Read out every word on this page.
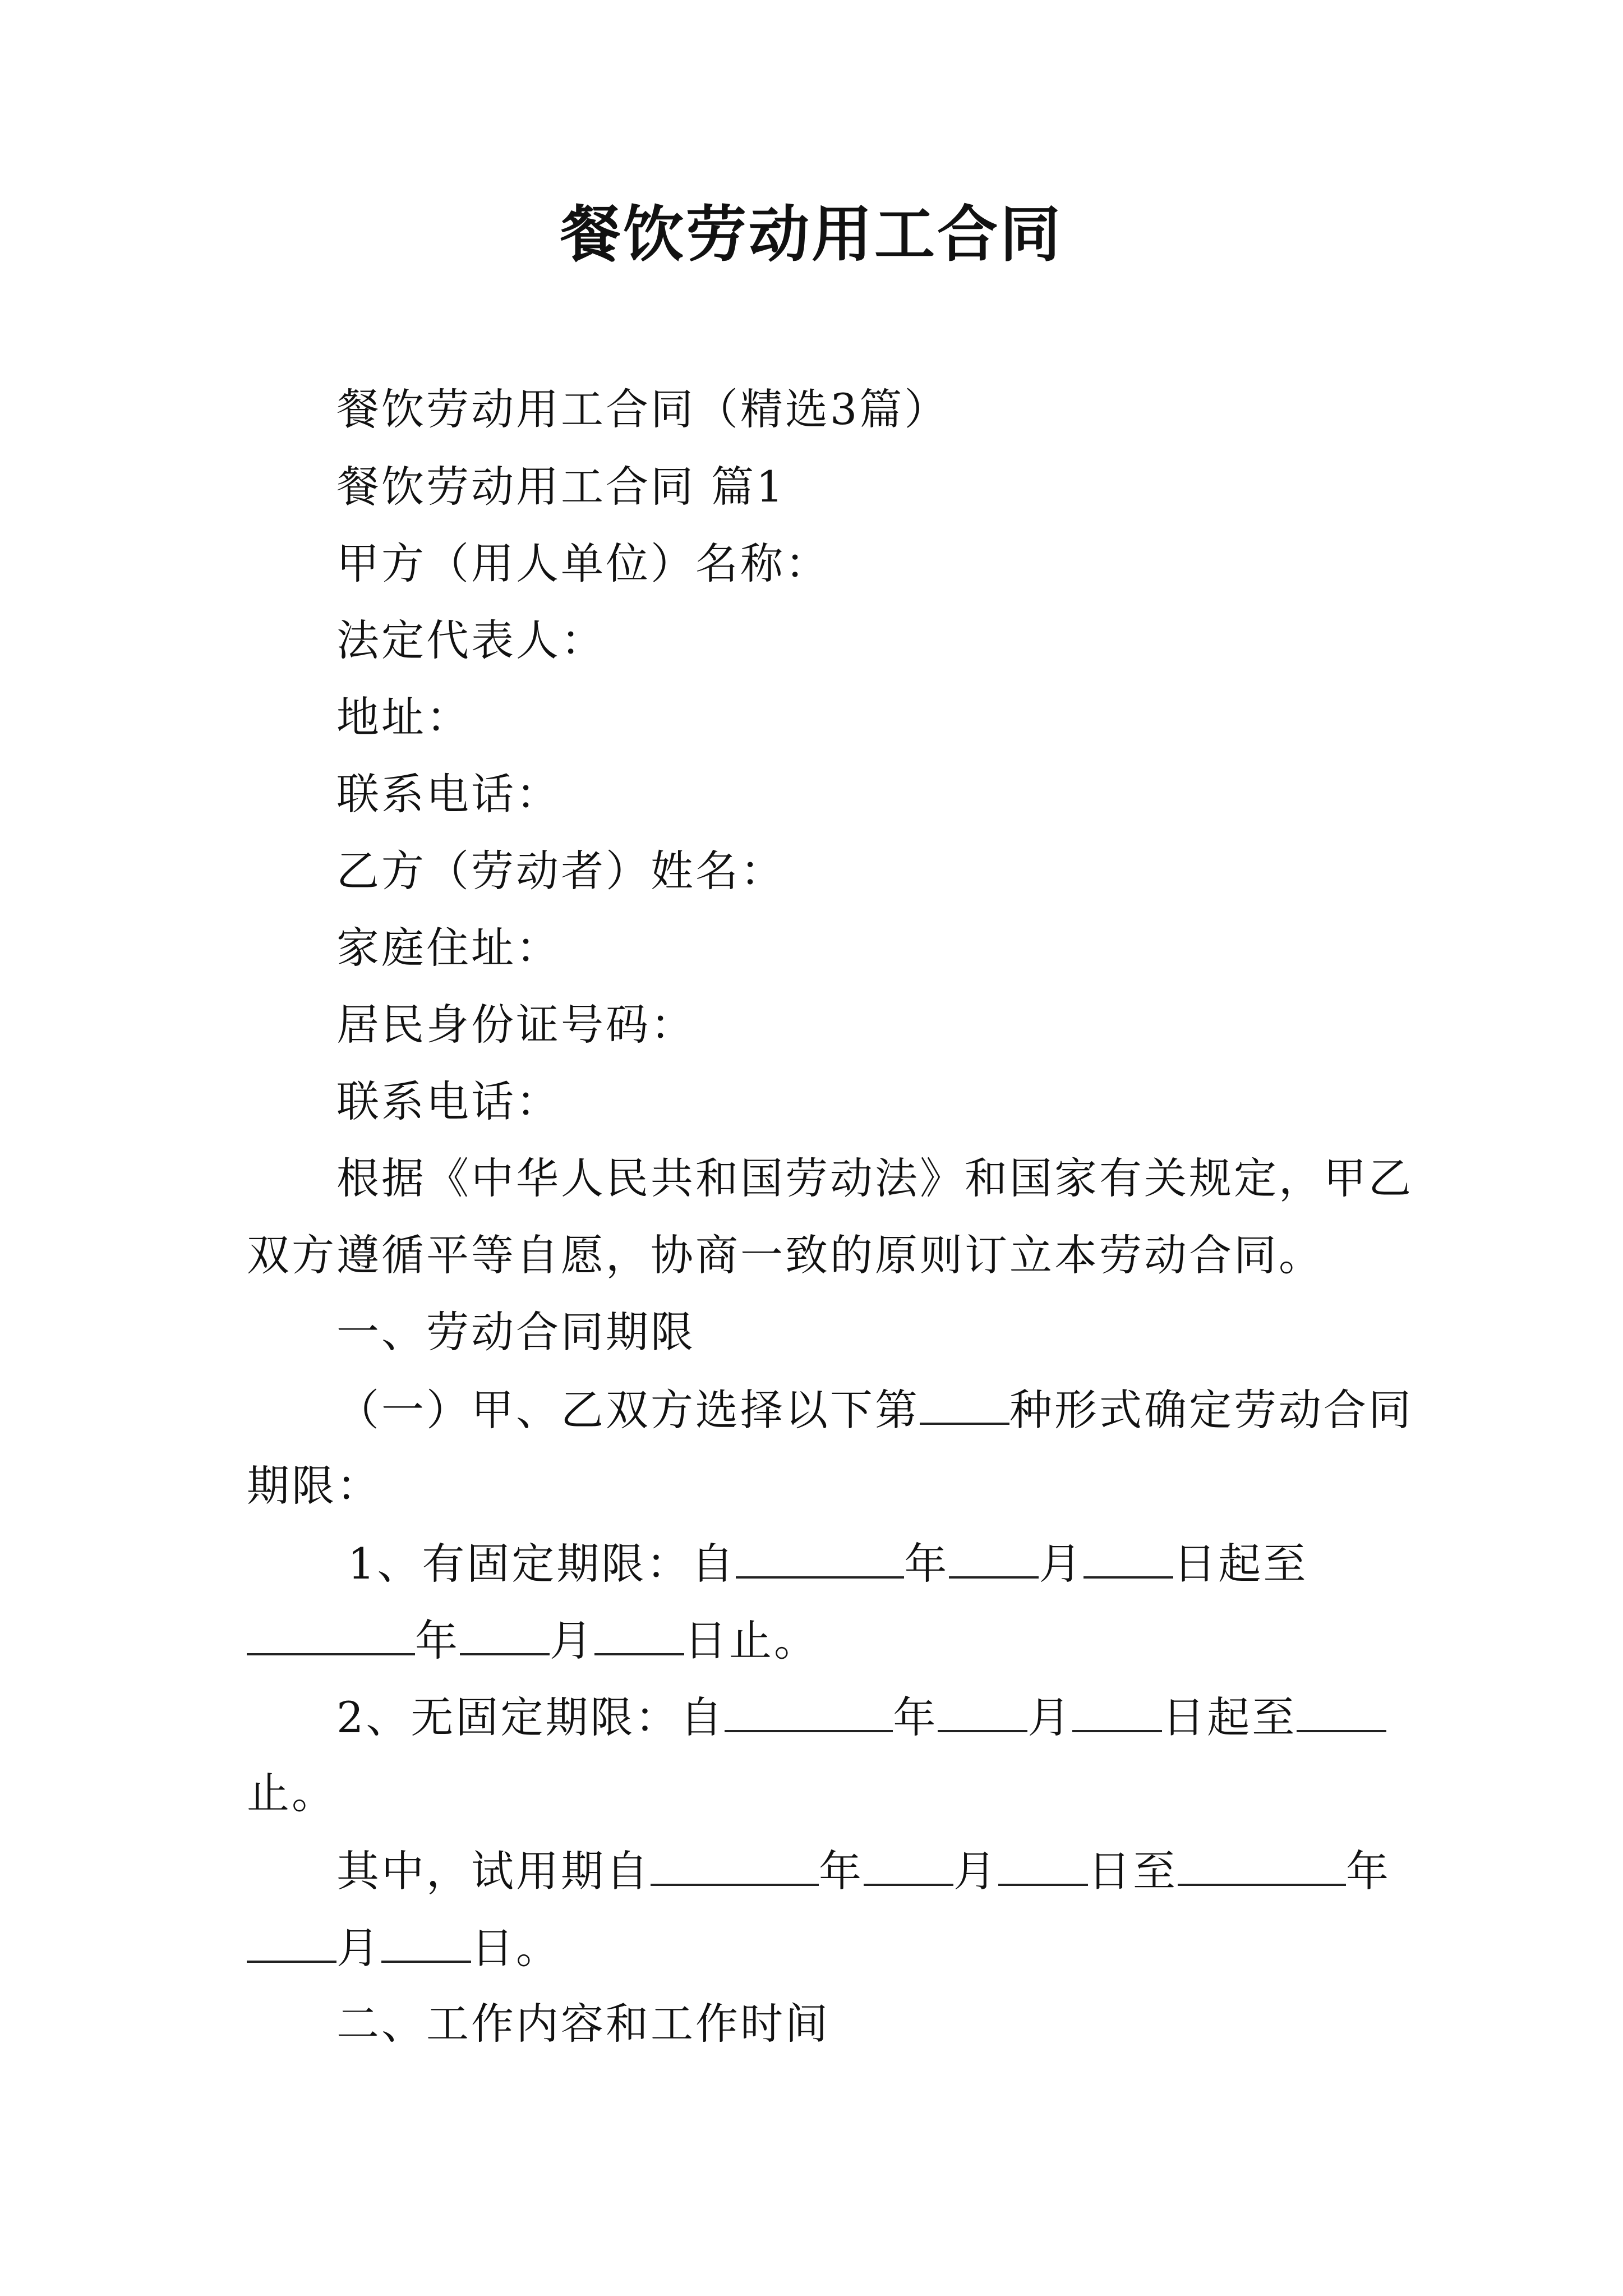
餐饮劳动用工合同

餐饮劳动用工合同（精选3篇）

餐饮劳动用工合同 篇1

甲方（用人单位）名称：

法定代表人：

地址：

联系电话：

乙方（劳动者）姓名：

家庭住址：

居民身份证号码：

联系电话：

根据《中华人民共和国劳动法》和国家有关规定，甲乙

双方遵循平等自愿，协商一致的原则订立本劳动合同。

一、劳动合同期限

（一）甲、乙双方选择以下第 种形式确定劳动合同

期限：

1、有固定期限：自	年 月 日起至

年 月 日止。

2、无固定期限：自	年 月 日起至

止。

其中，试用期自	年 月 日至	年

月 日。

二、工作内容和工作时间
